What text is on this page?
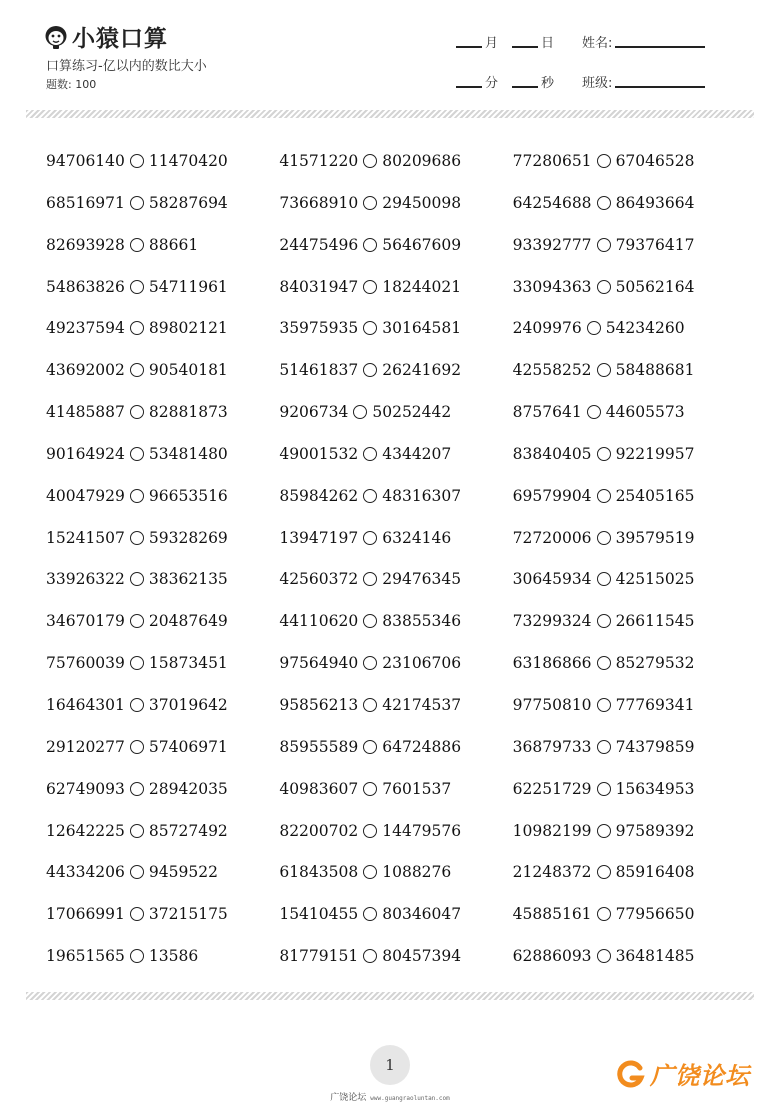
小猿口算
口算练习-亿以内的数比大小
题数: 100
月	日 姓名:
分	秒 班级:
94706140 11470420	41571220 80209686	77280651 67046528
68516971 58287694	73668910 29450098	64254688 86493664
82693928 88661	24475496 56467609	93392777 79376417
54863826 54711961	84031947 18244021	33094363 50562164
49237594 89802121	35975935 30164581	2409976 54234260
43692002 90540181	51461837 26241692	42558252 58488681
41485887 82881873	9206734 50252442	8757641 44605573
90164924 53481480	49001532 4344207	83840405 92219957
40047929 96653516	85984262 48316307	69579904 25405165
15241507 59328269	13947197 6324146	72720006 39579519
33926322 38362135	42560372 29476345	30645934 42515025
34670179 20487649	44110620 83855346	73299324 26611545
75760039 15873451	97564940 23106706	63186866 85279532
16464301 37019642	95856213 42174537	97750810 77769341
29120277 57406971	85955589 64724886	36879733 74379859
62749093 28942035	40983607 7601537	62251729 15634953
12642225 85727492	82200702 14479576	10982199 97589392
44334206 9459522	61843508 1088276	21248372 85916408
17066991 37215175	15410455 80346047	45885161 77956650
19651565 13586	81779151 80457394	62886093 36481485
1
广饶论坛 www.guangraoluntan.com
广饶论坛
